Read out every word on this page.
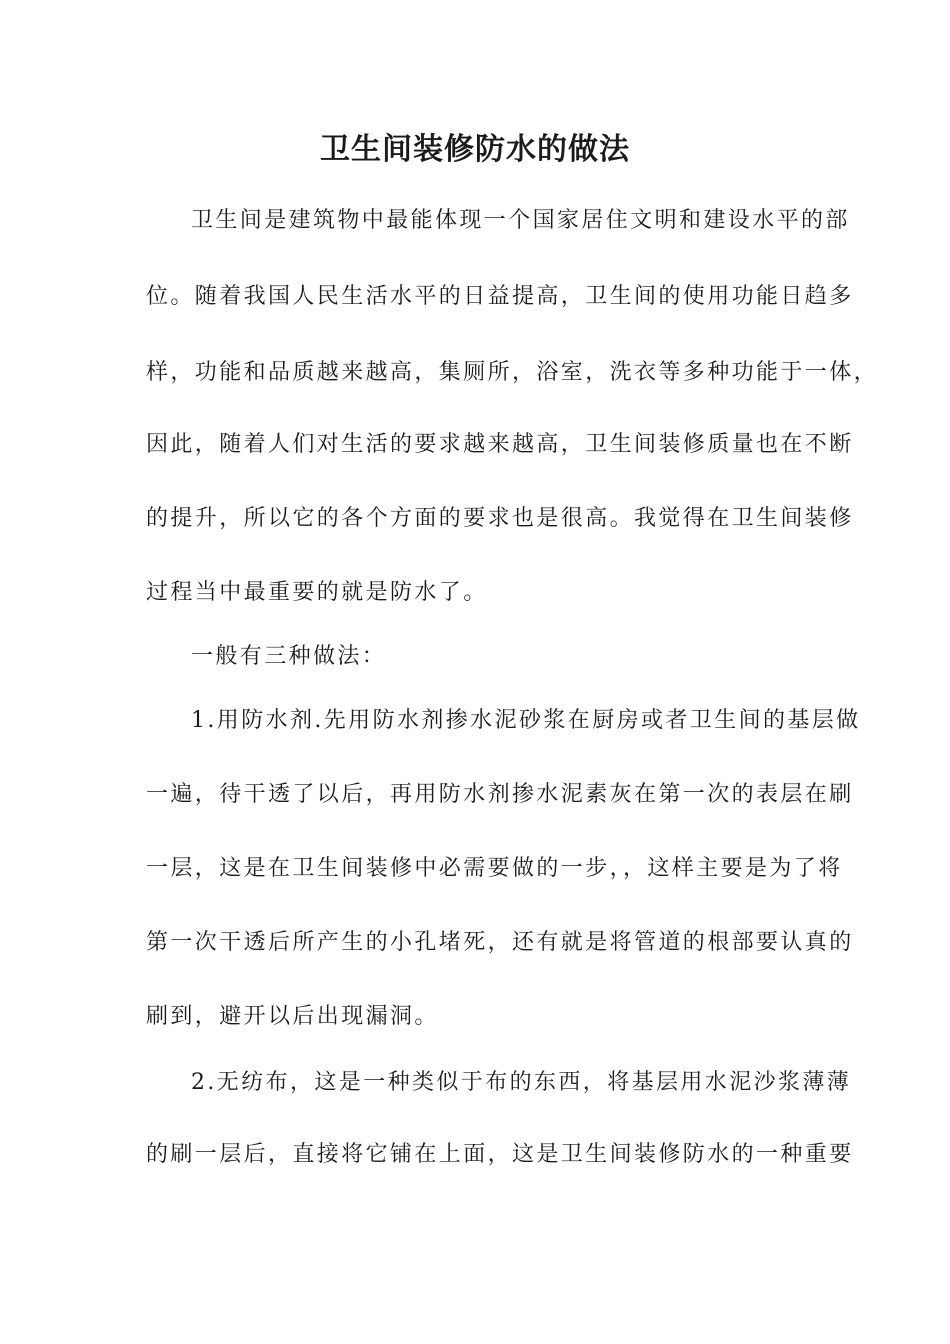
卫生间装修防水的做法
卫生间是建筑物中最能体现一个国家居住文明和建设水平的部
位。随着我国人民生活水平的日益提高，卫生间的使用功能日趋多
样，功能和品质越来越高，集厕所，浴室，洗衣等多种功能于一体，
因此，随着人们对生活的要求越来越高，卫生间装修质量也在不断
的提升，所以它的各个方面的要求也是很高。我觉得在卫生间装修
过程当中最重要的就是防水了。
一般有三种做法：
1.用防水剂.先用防水剂掺水泥砂浆在厨房或者卫生间的基层做
一遍，待干透了以后，再用防水剂掺水泥素灰在第一次的表层在刷
一层，这是在卫生间装修中必需要做的一步，，这样主要是为了将
第一次干透后所产生的小孔堵死，还有就是将管道的根部要认真的
刷到，避开以后出现漏洞。
2.无纺布，这是一种类似于布的东西，将基层用水泥沙浆薄薄
的刷一层后，直接将它铺在上面，这是卫生间装修防水的一种重要
